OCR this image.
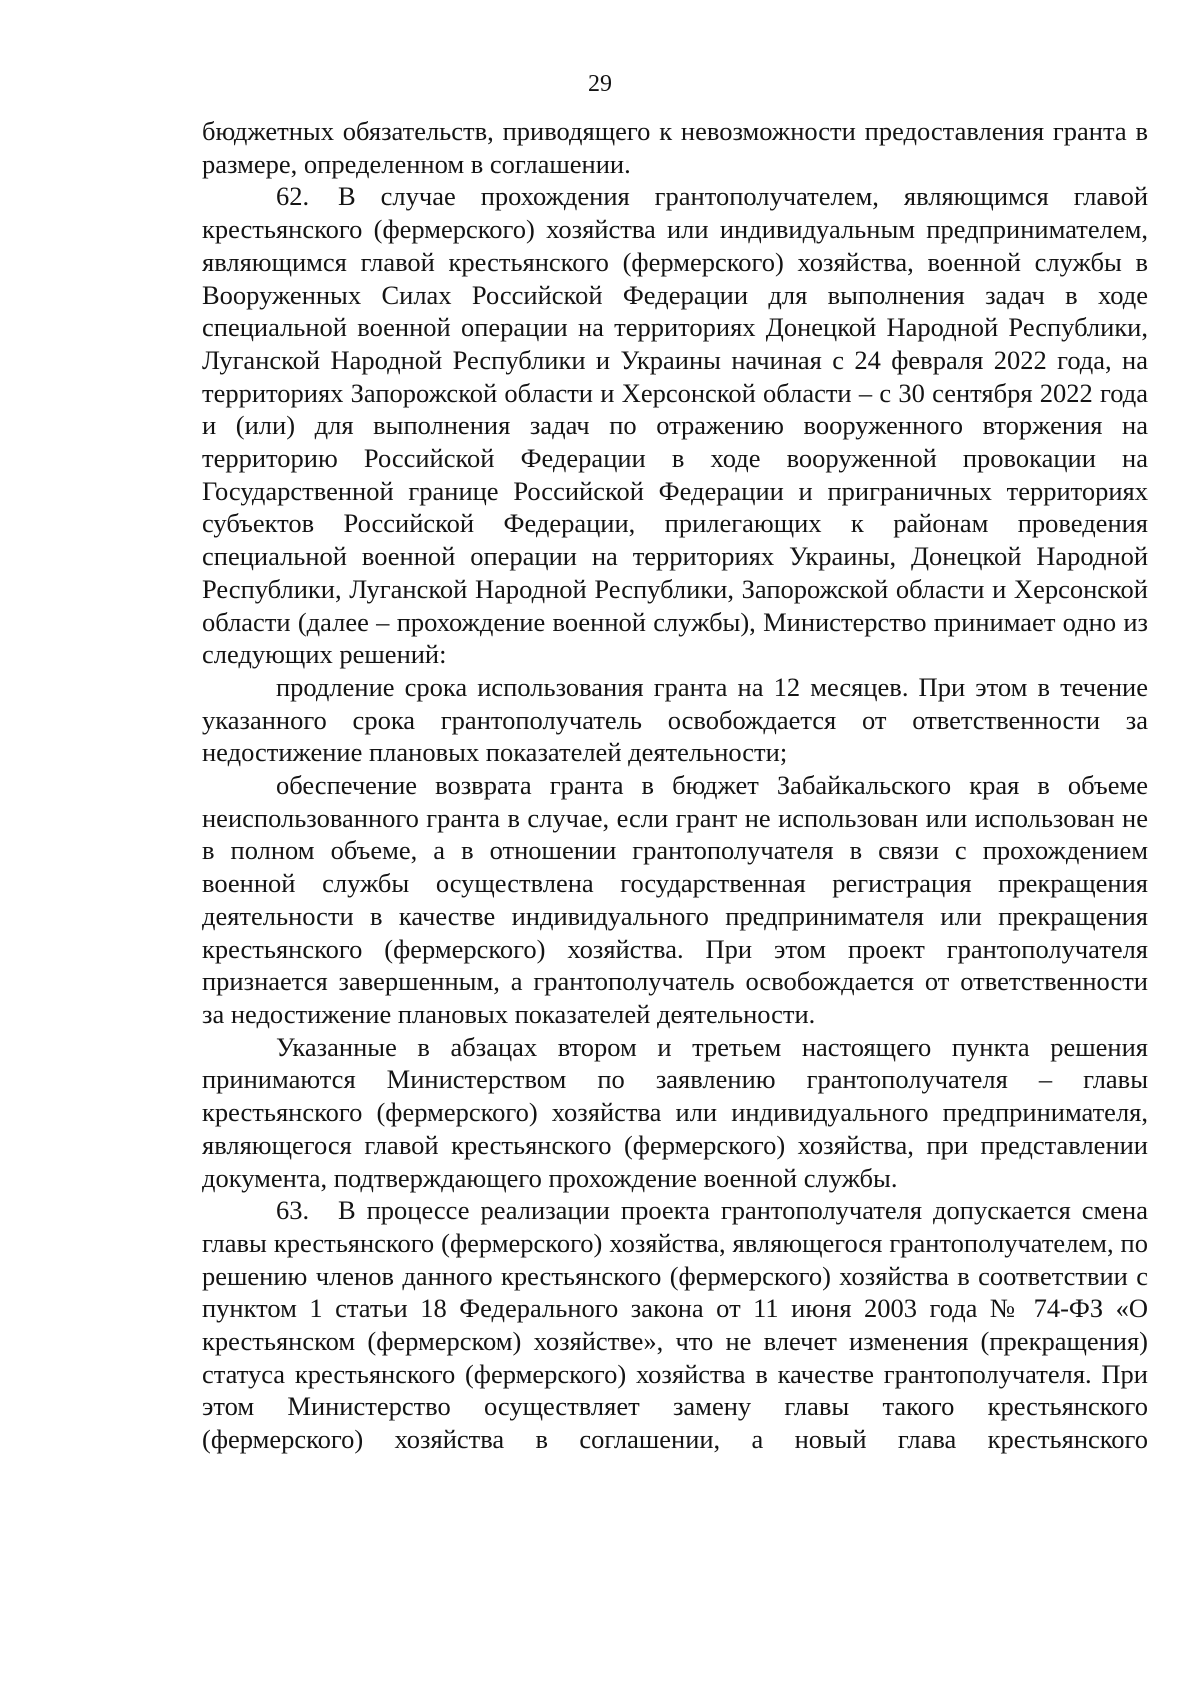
29

бюджетных обязательств, приводящего к невозможности предоставления гранта в размере, определенном в соглашении.

62. В случае прохождения грантополучателем, являющимся главой крестьянского (фермерского) хозяйства или индивидуальным предпринимателем, являющимся главой крестьянского (фермерского) хозяйства, военной службы в Вооруженных Силах Российской Федерации для выполнения задач в ходе специальной военной операции на территориях Донецкой Народной Республики, Луганской Народной Республики и Украины начиная с 24 февраля 2022 года, на территориях Запорожской области и Херсонской области – с 30 сентября 2022 года и (или) для выполнения задач по отражению вооруженного вторжения на территорию Российской Федерации в ходе вооруженной провокации на Государственной границе Российской Федерации и приграничных территориях субъектов Российской Федерации, прилегающих к районам проведения специальной военной операции на территориях Украины, Донецкой Народной Республики, Луганской Народной Республики, Запорожской области и Херсонской области (далее – прохождение военной службы), Министерство принимает одно из следующих решений:

продление срока использования гранта на 12 месяцев. При этом в течение указанного срока грантополучатель освобождается от ответственности за недостижение плановых показателей деятельности;

обеспечение возврата гранта в бюджет Забайкальского края в объеме неиспользованного гранта в случае, если грант не использован или использован не в полном объеме, а в отношении грантополучателя в связи с прохождением военной службы осуществлена государственная регистрация прекращения деятельности в качестве индивидуального предпринимателя или прекращения крестьянского (фермерского) хозяйства. При этом проект грантополучателя признается завершенным, а грантополучатель освобождается от ответственности за недостижение плановых показателей деятельности.

Указанные в абзацах втором и третьем настоящего пункта решения принимаются Министерством по заявлению грантополучателя – главы крестьянского (фермерского) хозяйства или индивидуального предпринимателя, являющегося главой крестьянского (фермерского) хозяйства, при представлении документа, подтверждающего прохождение военной службы.

63. В процессе реализации проекта грантополучателя допускается смена главы крестьянского (фермерского) хозяйства, являющегося грантополучателем, по решению членов данного крестьянского (фермерского) хозяйства в соответствии с пунктом 1 статьи 18 Федерального закона от 11 июня 2003 года № 74-ФЗ «О крестьянском (фермерском) хозяйстве», что не влечет изменения (прекращения) статуса крестьянского (фермерского) хозяйства в качестве грантополучателя. При этом Министерство осуществляет замену главы такого крестьянского (фермерского) хозяйства в соглашении, а новый глава крестьянского
